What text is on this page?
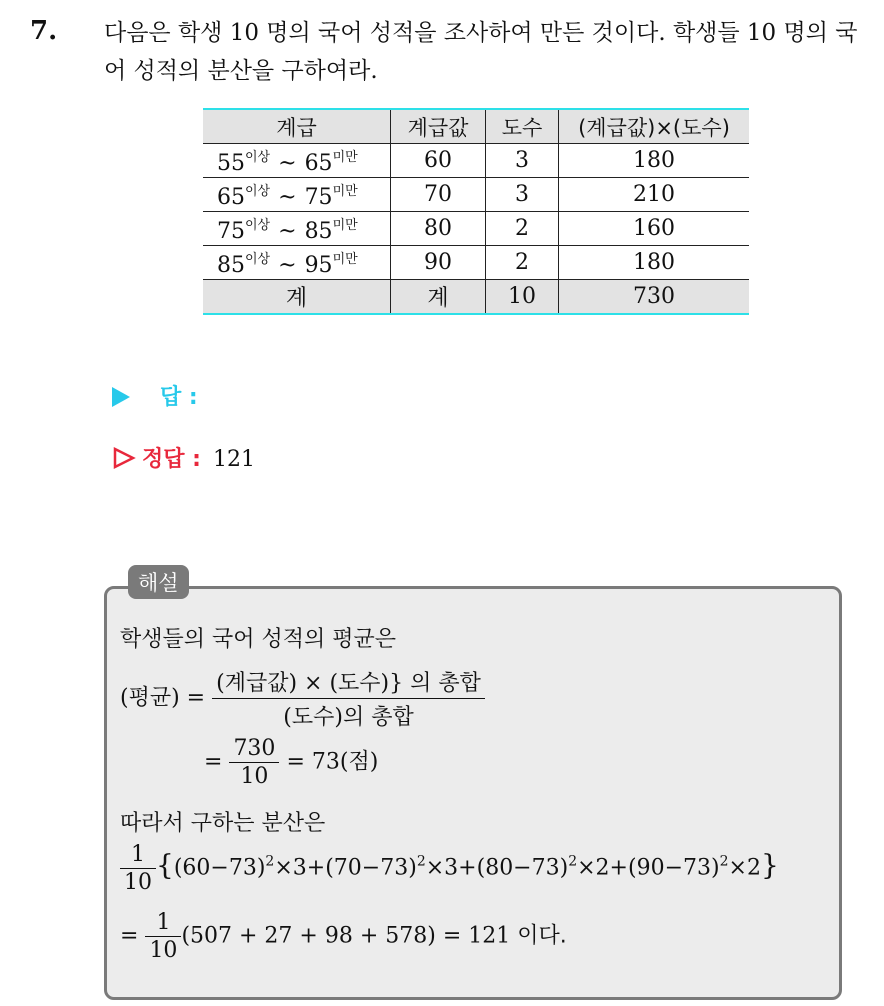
7. 다음은 학생 10 명의 국어 성적을 조사하여 만든 것이다. 학생들 10 명의 국어 성적의 분산을 구하여라.
계급	계급값	도수	(계급값)×(도수)
$55^{이상}$ ~ $65^{미만}$	60	3	180
$65^{이상}$ ~ $75^{미만}$	70	3	210
$75^{이상}$ ~ $85^{미만}$	80	2	160
$85^{이상}$ ~ $95^{미만}$	90	2	180
계	계	10	730
답 :
정답 : 121
해설
학생들의 국어 성적의 평균은
(평균) = $\frac{\text{(계급값) × (도수)\} 의 총합}}{\text{(도수)의 총합}}$
= $\frac{730}{10} = 73$(점)
따라서 구하는 분산은
$\frac{1}{10} \{(60-73)^2\times 3+(70-73)^2\times 3+(80-73)^2\times 2+(90-73)^2\times 2\}$
= $\frac{1}{10} (507 + 27 + 98 + 578) = 121$ 이다.
